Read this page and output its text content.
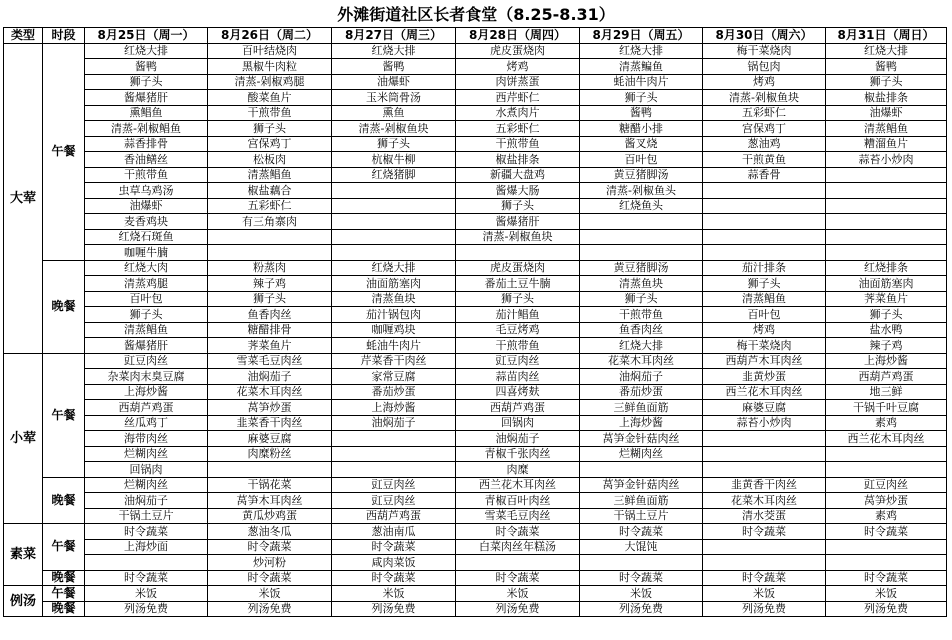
外滩街道社区长者食堂（8.25-8.31）
类型	时段	8月25日（周一）	8月26日（周二）	8月27日（周三）	8月28日（周四）	8月29日（周五）	8月30日（周六）	8月31日（周日）
大荤	午餐	红烧大排	百叶结烧肉	红烧大排	虎皮蛋烧肉	红烧大排	梅干菜烧肉	红烧大排
		酱鸭	黑椒牛肉粒	酱鸭	烤鸡	清蒸鳊鱼	锅包肉	酱鸭
		狮子头	清蒸-剁椒鸡腿	油爆虾	肉饼蒸蛋	蚝油牛肉片	烤鸡	狮子头
		酱爆猪肝	酸菜鱼片	玉米筒骨汤	西芹虾仁	狮子头	清蒸-剁椒鱼块	椒盐排条
		熏鲳鱼	干煎带鱼	熏鱼	水煮肉片	酱鸭	五彩虾仁	油爆虾
		清蒸-剁椒鲳鱼	狮子头	清蒸-剁椒鱼块	五彩虾仁	糖醋小排	宫保鸡丁	清蒸鲳鱼
		蒜香排骨	宫保鸡丁	狮子头	干煎带鱼	酱叉烧	葱油鸡	糟溜鱼片
		香油鳝丝	松板肉	杭椒牛柳	椒盐排条	百叶包	干煎黄鱼	蒜苔小炒肉
		干煎带鱼	清蒸鲳鱼	红烧猪脚	新疆大盘鸡	黄豆猪脚汤	蒜香骨	
		虫草乌鸡汤	椒盐藕合		酱爆大肠	清蒸-剁椒鱼头		
		油爆虾	五彩虾仁		狮子头	红烧鱼头		
		麦香鸡块	有三角寨肉		酱爆猪肝			
		红烧石斑鱼			清蒸-剁椒鱼块			
		咖喱牛腩						
	晚餐	红烧大肉	粉蒸肉	红烧大排	虎皮蛋烧肉	黄豆猪脚汤	茄汁排条	红烧排条
		清蒸鸡腿	辣子鸡	油面筋塞肉	番茄土豆牛腩	清蒸鱼块	狮子头	油面筋塞肉
		百叶包	狮子头	清蒸鱼块	狮子头	狮子头	清蒸鲳鱼	荠菜鱼片
		狮子头	鱼香肉丝	茄汁锅包肉	茄汁鲳鱼	干煎带鱼	百叶包	狮子头
		清蒸鲳鱼	糖醋排骨	咖喱鸡块	毛豆烤鸡	鱼香肉丝	烤鸡	盐水鸭
		酱爆猪肝	荠菜鱼片	蚝油牛肉片	干煎带鱼	红烧大排	梅干菜烧肉	辣子鸡
小荤	午餐	豇豆肉丝	雪菜毛豆肉丝	芹菜香干肉丝	豇豆肉丝	花菜木耳肉丝	西葫芦木耳肉丝	上海炒酱
		杂菜肉末臭豆腐	油焖茄子	家常豆腐	蒜苗肉丝	油焖茄子	韭黄炒蛋	西葫芦鸡蛋
		上海炒酱	花菜木耳肉丝	番茄炒蛋	四喜烤麸	番茄炒蛋	西兰花木耳肉丝	地三鲜
		西葫芦鸡蛋	莴笋炒蛋	上海炒酱	西葫芦鸡蛋	三鲜鱼面筋	麻婆豆腐	干锅千叶豆腐
		丝瓜鸡丁	韭菜香干肉丝	油焖茄子	回锅肉	上海炒酱	蒜苔小炒肉	素鸡
		海带肉丝	麻婆豆腐		油焖茄子	莴笋金针菇肉丝		西兰花木耳肉丝
		烂糊肉丝	肉糜粉丝		青椒千张肉丝	烂糊肉丝		
		回锅肉			肉糜			
	晚餐	烂糊肉丝	干锅花菜	豇豆肉丝	西兰花木耳肉丝	莴笋金针菇肉丝	韭黄香干肉丝	豇豆肉丝
		油焖茄子	莴笋木耳肉丝	豇豆肉丝	青椒百叶肉丝	三鲜鱼面筋	花菜木耳肉丝	莴笋炒蛋
		干锅土豆片	黄瓜炒鸡蛋	西葫芦鸡蛋	雪菜毛豆肉丝	干锅土豆片	清水茭蛋	素鸡
素菜	午餐	时令蔬菜	葱油冬瓜	葱油南瓜	时令蔬菜	时令蔬菜	时令蔬菜	时令蔬菜
		上海炒面	时令蔬菜	时令蔬菜	白菜肉丝年糕汤	大馄饨		
			炒河粉	咸肉菜饭				
	晚餐	时令蔬菜	时令蔬菜	时令蔬菜	时令蔬菜	时令蔬菜	时令蔬菜	时令蔬菜
例汤	午餐	米饭	米饭	米饭	米饭	米饭	米饭	米饭
	晚餐	列汤免费	列汤免费	列汤免费	列汤免费	列汤免费	列汤免费	列汤免费
